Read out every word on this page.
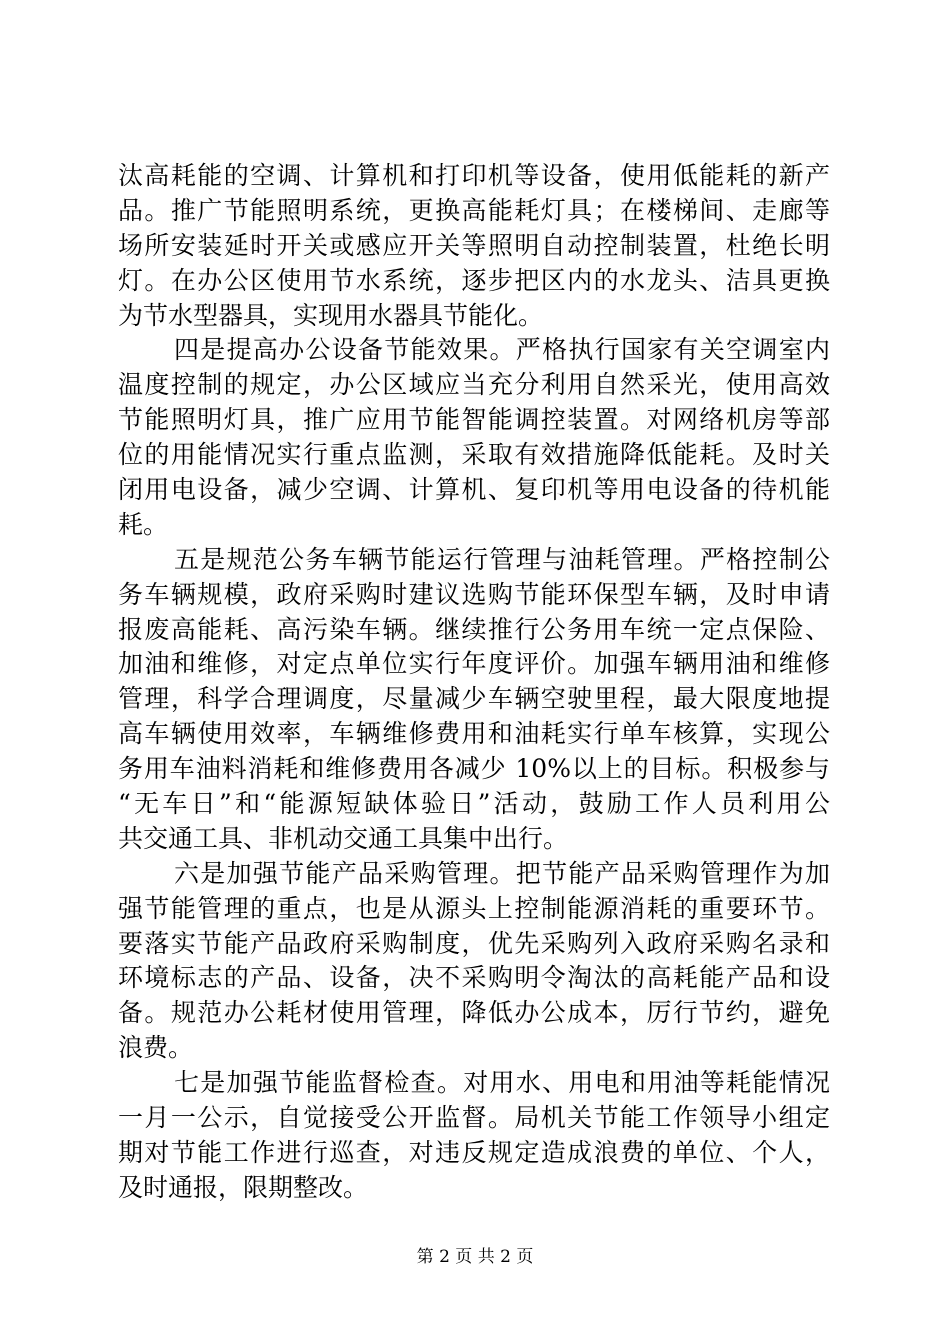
汰高耗能的空调、计算机和打印机等设备，使用低能耗的新产
品。推广节能照明系统，更换高能耗灯具；在楼梯间、走廊等
场所安装延时开关或感应开关等照明自动控制装置，杜绝长明
灯。在办公区使用节水系统，逐步把区内的水龙头、洁具更换
为节水型器具，实现用水器具节能化。
四是提高办公设备节能效果。严格执行国家有关空调室内
温度控制的规定，办公区域应当充分利用自然采光，使用高效
节能照明灯具，推广应用节能智能调控装置。对网络机房等部
位的用能情况实行重点监测，采取有效措施降低能耗。及时关
闭用电设备，减少空调、计算机、复印机等用电设备的待机能
耗。
五是规范公务车辆节能运行管理与油耗管理。严格控制公
务车辆规模，政府采购时建议选购节能环保型车辆，及时申请
报废高能耗、高污染车辆。继续推行公务用车统一定点保险、
加油和维修，对定点单位实行年度评价。加强车辆用油和维修
管理，科学合理调度，尽量减少车辆空驶里程，最大限度地提
高车辆使用效率，车辆维修费用和油耗实行单车核算，实现公
务用车油料消耗和维修费用各减少 10%以上的目标。积极参与
“无车日”和“能源短缺体验日”活动，鼓励工作人员利用公
共交通工具、非机动交通工具集中出行。
六是加强节能产品采购管理。把节能产品采购管理作为加
强节能管理的重点，也是从源头上控制能源消耗的重要环节。
要落实节能产品政府采购制度，优先采购列入政府采购名录和
环境标志的产品、设备，决不采购明令淘汰的高耗能产品和设
备。规范办公耗材使用管理，降低办公成本，厉行节约，避免
浪费。
七是加强节能监督检查。对用水、用电和用油等耗能情况
一月一公示，自觉接受公开监督。局机关节能工作领导小组定
期对节能工作进行巡查，对违反规定造成浪费的单位、个人，
及时通报，限期整改。
第 2 页 共 2 页
